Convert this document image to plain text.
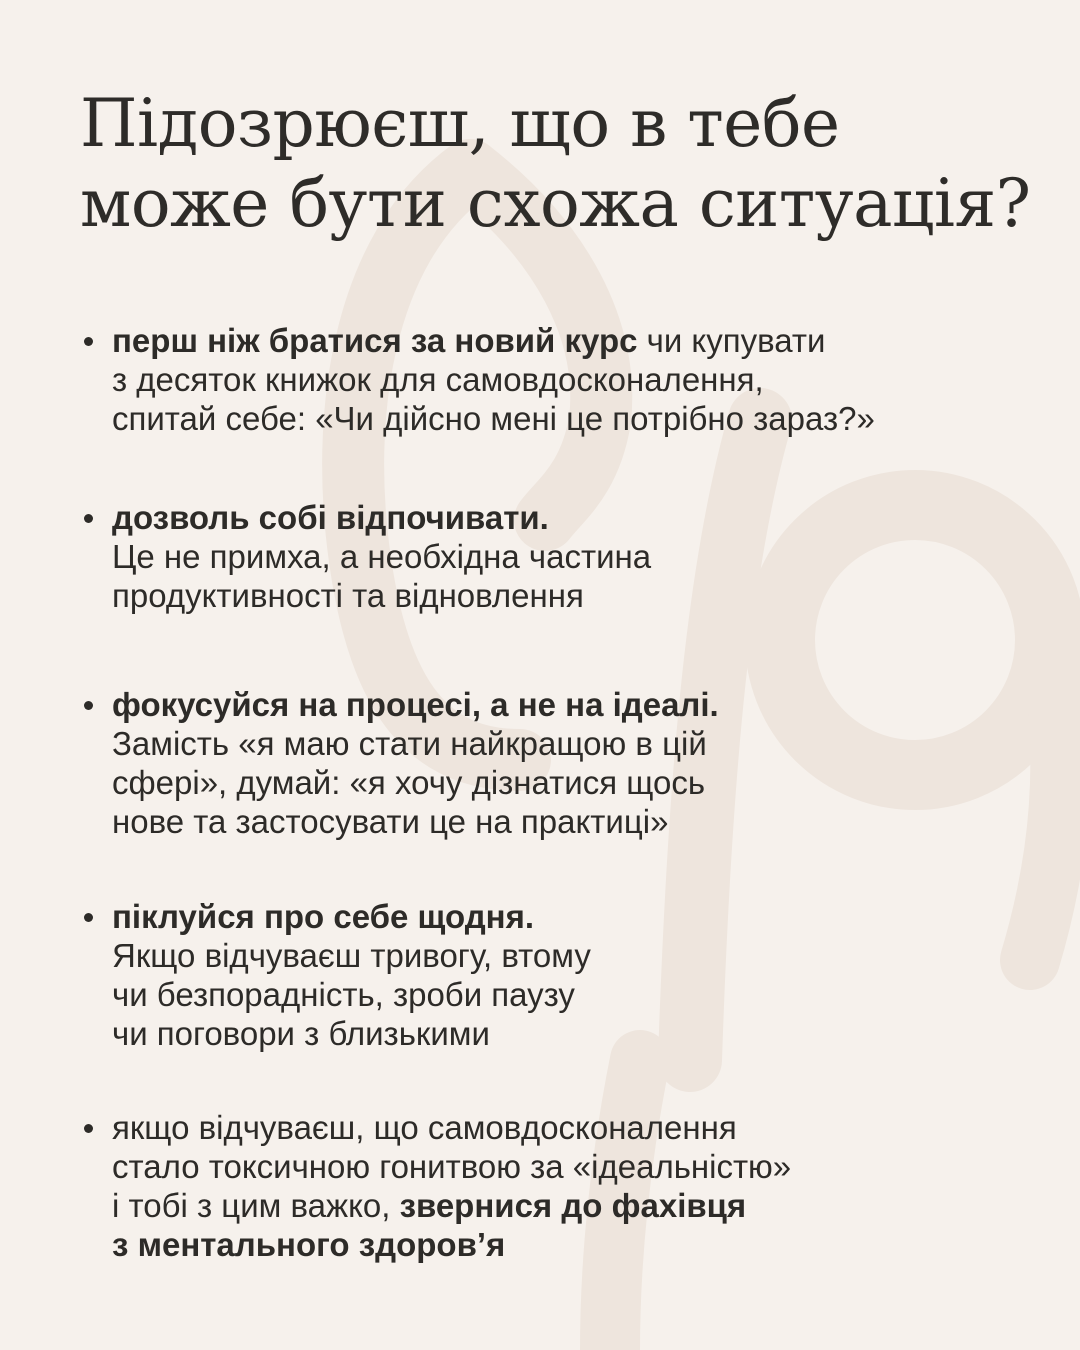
Підозрюєш, що в тебе
може бути схожа ситуація?
перш ніж братися за новий курс чи купувати
з десяток книжок для самовдосконалення,
спитай себе: «Чи дійсно мені це потрібно зараз?»
дозволь собі відпочивати.
Це не примха, а необхідна частина
продуктивності та відновлення
фокусуйся на процесі, а не на ідеалі.
Замість «я маю стати найкращою в цій
сфері», думай: «я хочу дізнатися щось
нове та застосувати це на практиці»
піклуйся про себе щодня.
Якщо відчуваєш тривогу, втому
чи безпорадність, зроби паузу
чи поговори з близькими
якщо відчуваєш, що самовдосконалення
стало токсичною гонитвою за «ідеальністю»
і тобі з цим важко, звернися до фахівця
з ментального здоров’я
